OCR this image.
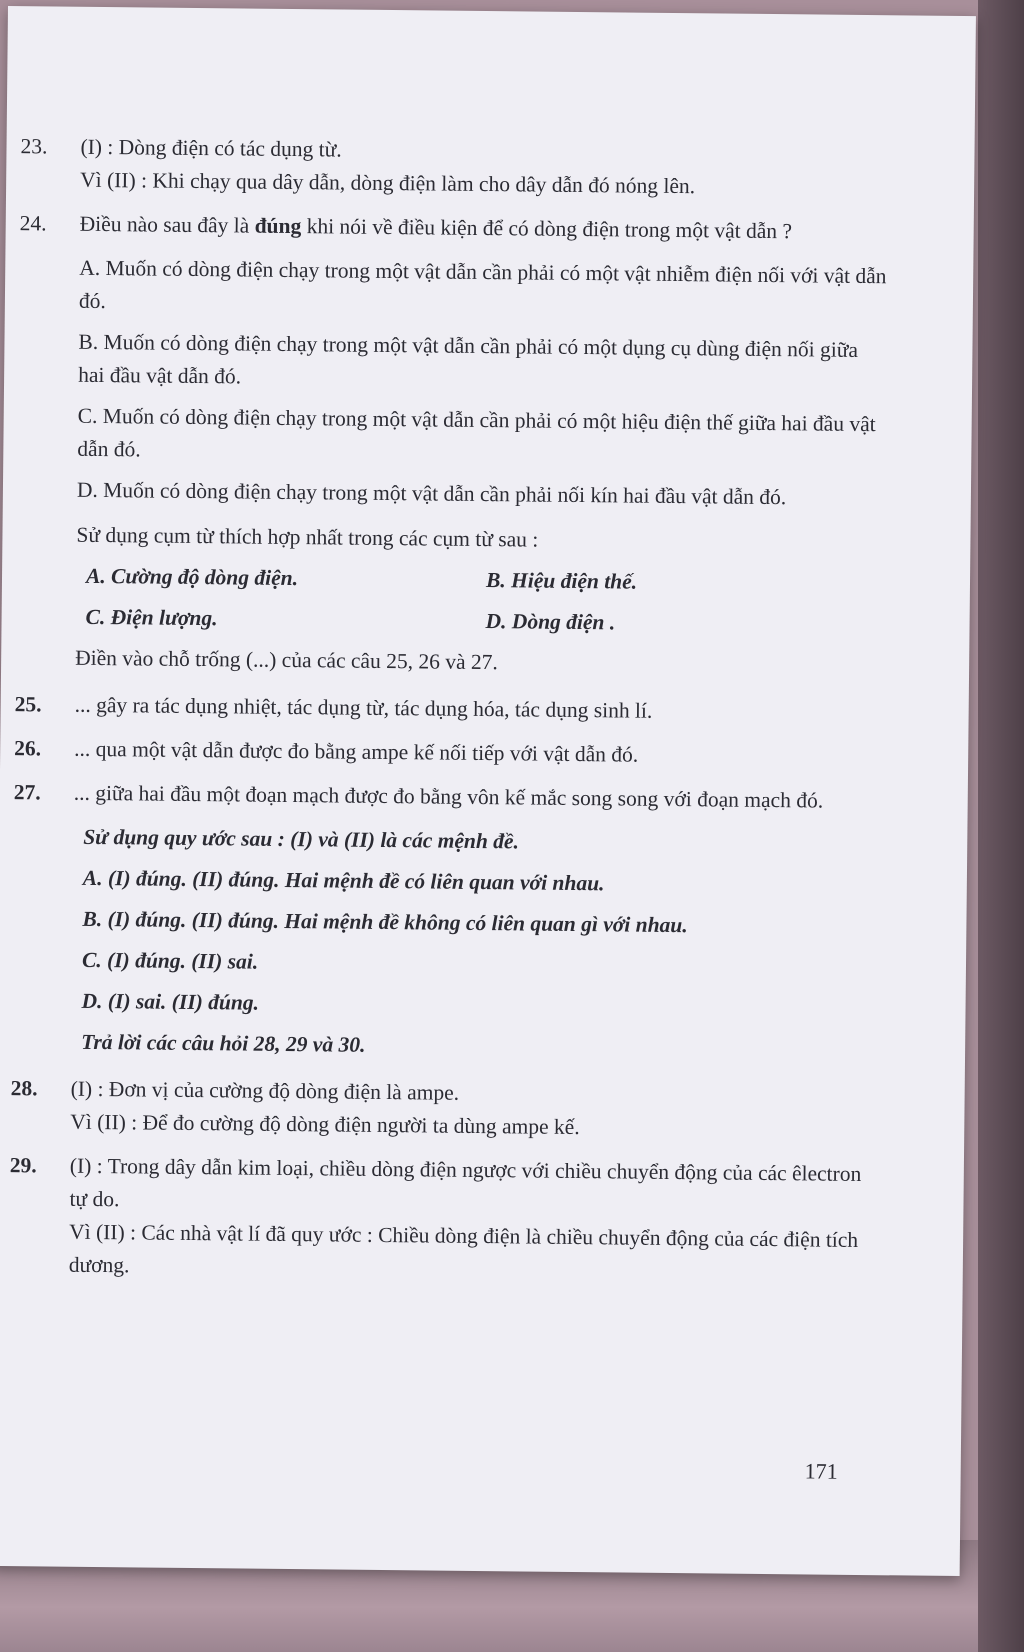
23. (I) : Dòng điện có tác dụng từ.
Vì (II) : Khi chạy qua dây dẫn, dòng điện làm cho dây dẫn đó nóng lên.
24. Điều nào sau đây là đúng khi nói về điều kiện để có dòng điện trong một vật dẫn ?
A. Muốn có dòng điện chạy trong một vật dẫn cần phải có một vật nhiễm điện nối với vật dẫn đó.
B. Muốn có dòng điện chạy trong một vật dẫn cần phải có một dụng cụ dùng điện nối giữa hai đầu vật dẫn đó.
C. Muốn có dòng điện chạy trong một vật dẫn cần phải có một hiệu điện thế giữa hai đầu vật dẫn đó.
D. Muốn có dòng điện chạy trong một vật dẫn cần phải nối kín hai đầu vật dẫn đó.
Sử dụng cụm từ thích hợp nhất trong các cụm từ sau :
A. Cường độ dòng điện.	B. Hiệu điện thế.
C. Điện lượng.	D. Dòng điện .
Điền vào chỗ trống (...) của các câu 25, 26 và 27.
25. ... gây ra tác dụng nhiệt, tác dụng từ, tác dụng hóa, tác dụng sinh lí.
26. ... qua một vật dẫn được đo bằng ampe kế nối tiếp với vật dẫn đó.
27. ... giữa hai đầu một đoạn mạch được đo bằng vôn kế mắc song song với đoạn mạch đó.
Sử dụng quy ước sau : (I) và (II) là các mệnh đề.
A. (I) đúng. (II) đúng. Hai mệnh đề có liên quan với nhau.
B. (I) đúng. (II) đúng. Hai mệnh đề không có liên quan gì với nhau.
C. (I) đúng. (II) sai.
D. (I) sai. (II) đúng.
Trả lời các câu hỏi 28, 29 và 30.
28. (I) : Đơn vị của cường độ dòng điện là ampe.
Vì (II) : Để đo cường độ dòng điện người ta dùng ampe kế.
29. (I) : Trong dây dẫn kim loại, chiều dòng điện ngược với chiều chuyển động của các êlectron tự do.
Vì (II) : Các nhà vật lí đã quy ước : Chiều dòng điện là chiều chuyển động của các điện tích dương.
171
